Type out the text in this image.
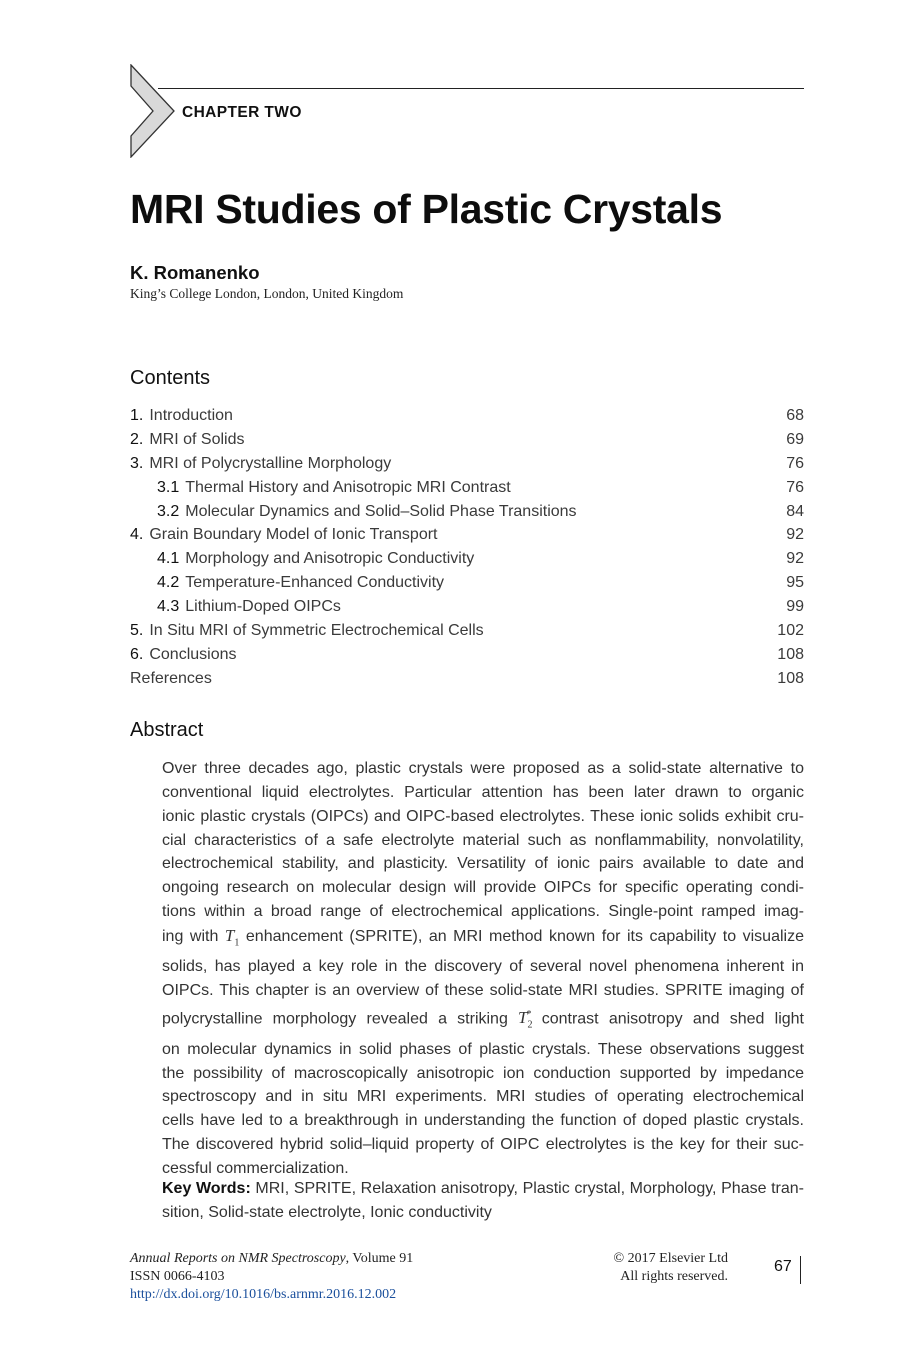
CHAPTER TWO
MRI Studies of Plastic Crystals
K. Romanenko
King’s College London, London, United Kingdom
Contents
1. Introduction	68
2. MRI of Solids	69
3. MRI of Polycrystalline Morphology	76
3.1 Thermal History and Anisotropic MRI Contrast	76
3.2 Molecular Dynamics and Solid–Solid Phase Transitions	84
4. Grain Boundary Model of Ionic Transport	92
4.1 Morphology and Anisotropic Conductivity	92
4.2 Temperature-Enhanced Conductivity	95
4.3 Lithium-Doped OIPCs	99
5. In Situ MRI of Symmetric Electrochemical Cells	102
6. Conclusions	108
References	108
Abstract
Over three decades ago, plastic crystals were proposed as a solid-state alternative to
conventional liquid electrolytes. Particular attention has been later drawn to organic
ionic plastic crystals (OIPCs) and OIPC-based electrolytes. These ionic solids exhibit cru-
cial characteristics of a safe electrolyte material such as nonflammability, nonvolatility,
electrochemical stability, and plasticity. Versatility of ionic pairs available to date and
ongoing research on molecular design will provide OIPCs for specific operating condi-
tions within a broad range of electrochemical applications. Single-point ramped imag-
ing with $T_1$ enhancement (SPRITE), an MRI method known for its capability to visualize
solids, has played a key role in the discovery of several novel phenomena inherent in
OIPCs. This chapter is an overview of these solid-state MRI studies. SPRITE imaging of
polycrystalline morphology revealed a striking $T_2^*$ contrast anisotropy and shed light
on molecular dynamics in solid phases of plastic crystals. These observations suggest
the possibility of macroscopically anisotropic ion conduction supported by impedance
spectroscopy and in situ MRI experiments. MRI studies of operating electrochemical
cells have led to a breakthrough in understanding the function of doped plastic crystals.
The discovered hybrid solid–liquid property of OIPC electrolytes is the key for their suc-
cessful commercialization.
Key Words: MRI, SPRITE, Relaxation anisotropy, Plastic crystal, Morphology, Phase tran-
sition, Solid-state electrolyte, Ionic conductivity
Annual Reports on NMR Spectroscopy, Volume 91
ISSN 0066-4103
http://dx.doi.org/10.1016/bs.arnmr.2016.12.002
© 2017 Elsevier Ltd
All rights reserved.
67
